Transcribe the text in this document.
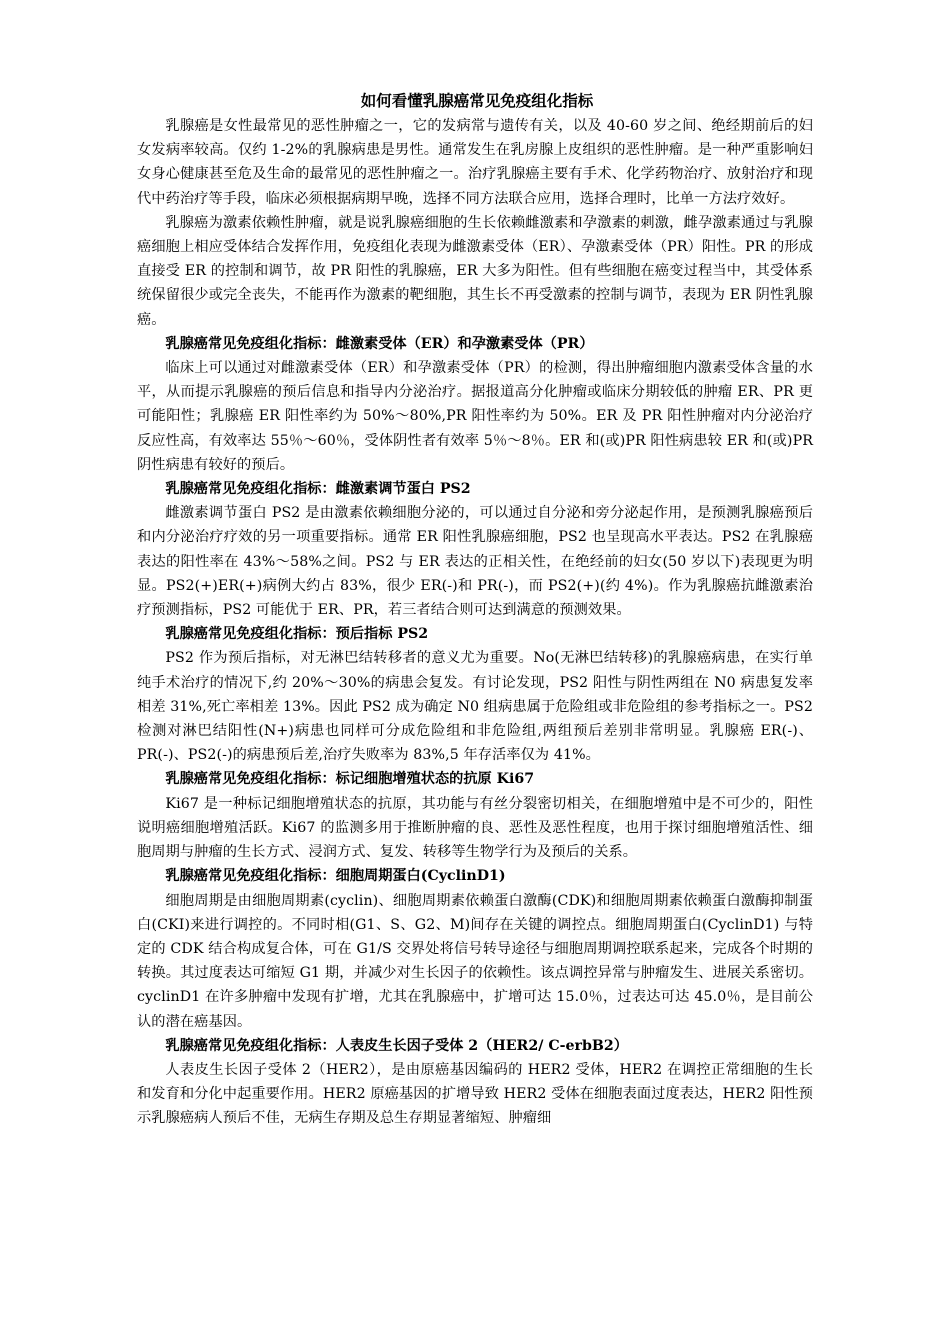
如何看懂乳腺癌常见免疫组化指标

乳腺癌是女性最常见的恶性肿瘤之一，它的发病常与遗传有关，以及 40-60 岁之间、绝经期前后的妇女发病率较高。仅约 1-2%的乳腺病患是男性。通常发生在乳房腺上皮组织的恶性肿瘤。是一种严重影响妇女身心健康甚至危及生命的最常见的恶性肿瘤之一。治疗乳腺癌主要有手术、化学药物治疗、放射治疗和现代中药治疗等手段，临床必须根据病期早晚，选择不同方法联合应用，选择合理时，比单一方法疗效好。

乳腺癌为激素依赖性肿瘤，就是说乳腺癌细胞的生长依赖雌激素和孕激素的刺激，雌孕激素通过与乳腺癌细胞上相应受体结合发挥作用，免疫组化表现为雌激素受体（ER）、孕激素受体（PR）阳性。PR 的形成直接受 ER 的控制和调节，故 PR 阳性的乳腺癌，ER 大多为阳性。但有些细胞在癌变过程当中，其受体系统保留很少或完全丧失，不能再作为激素的靶细胞，其生长不再受激素的控制与调节，表现为 ER 阴性乳腺癌。

乳腺癌常见免疫组化指标：雌激素受体（ER）和孕激素受体（PR）

临床上可以通过对雌激素受体（ER）和孕激素受体（PR）的检测，得出肿瘤细胞内激素受体含量的水平，从而提示乳腺癌的预后信息和指导内分泌治疗。据报道高分化肿瘤或临床分期较低的肿瘤 ER、PR 更可能阳性；乳腺癌 ER 阳性率约为 50%～80%,PR 阳性率约为 50%。ER 及 PR 阳性肿瘤对内分泌治疗反应性高，有效率达 55％～60％，受体阴性者有效率 5％～8％。ER 和(或)PR 阳性病患较 ER 和(或)PR 阴性病患有较好的预后。

乳腺癌常见免疫组化指标：雌激素调节蛋白 PS2

雌激素调节蛋白 PS2 是由激素依赖细胞分泌的，可以通过自分泌和旁分泌起作用，是预测乳腺癌预后和内分泌治疗疗效的另一项重要指标。通常 ER 阳性乳腺癌细胞，PS2 也呈现高水平表达。PS2 在乳腺癌表达的阳性率在 43%～58%之间。PS2 与 ER 表达的正相关性，在绝经前的妇女(50 岁以下)表现更为明显。PS2(+)ER(+)病例大约占 83%，很少 ER(-)和 PR(-)，而 PS2(+)(约 4%)。作为乳腺癌抗雌激素治疗预测指标，PS2 可能优于 ER、PR，若三者结合则可达到满意的预测效果。

乳腺癌常见免疫组化指标：预后指标 PS2

PS2 作为预后指标，对无淋巴结转移者的意义尤为重要。No(无淋巴结转移)的乳腺癌病患，在实行单纯手术治疗的情况下,约 20%～30%的病患会复发。有讨论发现，PS2 阳性与阴性两组在 N0 病患复发率相差 31%,死亡率相差 13%。因此 PS2 成为确定 N0 组病患属于危险组或非危险组的参考指标之一。PS2 检测对淋巴结阳性(N+)病患也同样可分成危险组和非危险组,两组预后差别非常明显。乳腺癌 ER(-)、PR(-)、PS2(-)的病患预后差,治疗失败率为 83%,5 年存活率仅为 41%。

乳腺癌常见免疫组化指标：标记细胞增殖状态的抗原 Ki67

Ki67 是一种标记细胞增殖状态的抗原，其功能与有丝分裂密切相关，在细胞增殖中是不可少的，阳性说明癌细胞增殖活跃。Ki67 的监测多用于推断肿瘤的良、恶性及恶性程度，也用于探讨细胞增殖活性、细胞周期与肿瘤的生长方式、浸润方式、复发、转移等生物学行为及预后的关系。

乳腺癌常见免疫组化指标：细胞周期蛋白(CyclinD1)

细胞周期是由细胞周期素(cyclin)、细胞周期素依赖蛋白激酶(CDK)和细胞周期素依赖蛋白激酶抑制蛋白(CKI)来进行调控的。不同时相(G1、S、G2、M)间存在关键的调控点。细胞周期蛋白(CyclinD1) 与特定的 CDK 结合构成复合体，可在 G1/S 交界处将信号转导途径与细胞周期调控联系起来，完成各个时期的转换。其过度表达可缩短 G1 期，并减少对生长因子的依赖性。该点调控异常与肿瘤发生、进展关系密切。cyclinD1 在许多肿瘤中发现有扩增，尤其在乳腺癌中，扩增可达 15.0％，过表达可达 45.0％，是目前公认的潜在癌基因。

乳腺癌常见免疫组化指标：人表皮生长因子受体 2（HER2/ C-erbB2）

人表皮生长因子受体 2（HER2），是由原癌基因编码的 HER2 受体，HER2 在调控正常细胞的生长和发育和分化中起重要作用。HER2 原癌基因的扩增导致 HER2 受体在细胞表面过度表达，HER2 阳性预示乳腺癌病人预后不佳，无病生存期及总生存期显著缩短、肿瘤细
